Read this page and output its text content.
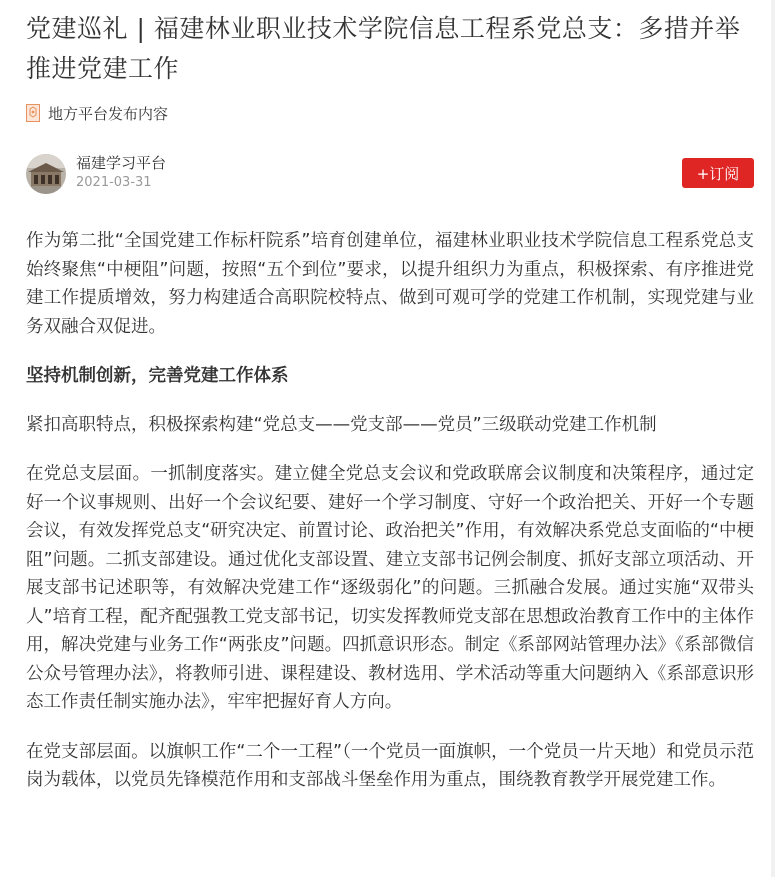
党建巡礼 | 福建林业职业技术学院信息工程系党总支：多措并举推进党建工作
地方平台发布内容
福建学习平台
2021-03-31	+订阅

作为第二批“全国党建工作标杆院系”培育创建单位，福建林业职业技术学院信息工程系党总支始终聚焦“中梗阻”问题，按照“五个到位”要求，以提升组织力为重点，积极探索、有序推进党建工作提质增效，努力构建适合高职院校特点、做到可观可学的党建工作机制，实现党建与业务双融合双促进。

坚持机制创新，完善党建工作体系

紧扣高职特点，积极探索构建“党总支——党支部——党员”三级联动党建工作机制

在党总支层面。一抓制度落实。建立健全党总支会议和党政联席会议制度和决策程序，通过定好一个议事规则、出好一个会议纪要、建好一个学习制度、守好一个政治把关、开好一个专题会议，有效发挥党总支“研究决定、前置讨论、政治把关”作用，有效解决系党总支面临的“中梗阻”问题。二抓支部建设。通过优化支部设置、建立支部书记例会制度、抓好支部立项活动、开展支部书记述职等，有效解决党建工作“逐级弱化”的问题。三抓融合发展。通过实施“双带头人”培育工程，配齐配强教工党支部书记，切实发挥教师党支部在思想政治教育工作中的主体作用，解决党建与业务工作“两张皮”问题。四抓意识形态。制定《系部网站管理办法》《系部微信公众号管理办法》，将教师引进、课程建设、教材选用、学术活动等重大问题纳入《系部意识形态工作责任制实施办法》，牢牢把握好育人方向。

在党支部层面。以旗帜工作“二个一工程”（一个党员一面旗帜，一个党员一片天地）和党员示范岗为载体，以党员先锋模范作用和支部战斗堡垒作用为重点，围绕教育教学开展党建工作。
